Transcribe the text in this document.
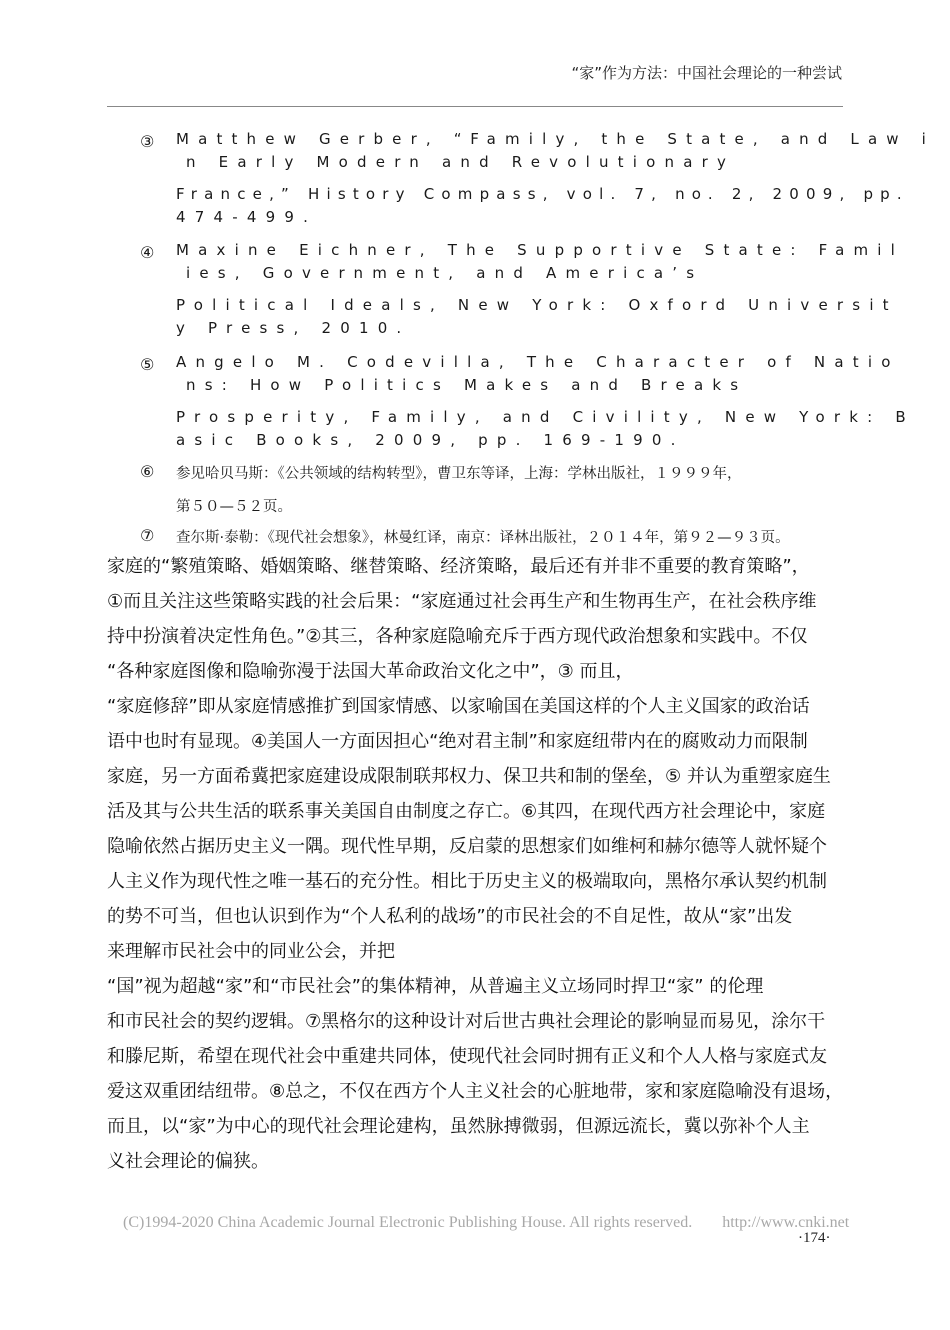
“家”作为方法：中国社会理论的一种尝试
③ Matthew Gerber, “Family, the State, and Law i
n Early Modern and Revolutionary
France,” History Compass, vol. 7, no. 2, 2009, pp.
474-499.
④ Maxine Eichner, The Supportive State: Famil
ies, Government, and America’s
Political Ideals, New York: Oxford Universit
y Press, 2010.
⑤ Angelo M. Codevilla, The Character of Natio
ns: How Politics Makes and Breaks
Prosperity, Family, and Civility, New York: B
asic Books, 2009, pp. 169-190.
⑥ 参见哈贝马斯：《公共领域的结构转型》，曹卫东等译，上海：学林出版社，１９９９年，
第５０—５２页。
⑦ 查尔斯·泰勒：《现代社会想象》，林曼红译，南京：译林出版社，２０１４年，第９２—９３页。
家庭的“繁殖策略、婚姻策略、继替策略、经济策略，最后还有并非不重要的教育策略”，
①而且关注这些策略实践的社会后果：“家庭通过社会再生产和生物再生产，在社会秩序维
持中扮演着决定性角色。”②其三，各种家庭隐喻充斥于西方现代政治想象和实践中。不仅
“各种家庭图像和隐喻弥漫于法国大革命政治文化之中”，③ 而且，
“家庭修辞”即从家庭情感推扩到国家情感、以家喻国在美国这样的个人主义国家的政治话
语中也时有显现。④美国人一方面因担心“绝对君主制”和家庭纽带内在的腐败动力而限制
家庭，另一方面希冀把家庭建设成限制联邦权力、保卫共和制的堡垒，⑤ 并认为重塑家庭生
活及其与公共生活的联系事关美国自由制度之存亡。⑥其四，在现代西方社会理论中，家庭
隐喻依然占据历史主义一隅。现代性早期，反启蒙的思想家们如维柯和赫尔德等人就怀疑个
人主义作为现代性之唯一基石的充分性。相比于历史主义的极端取向，黑格尔承认契约机制
的势不可当，但也认识到作为“个人私利的战场”的市民社会的不自足性，故从“家”出发
来理解市民社会中的同业公会，并把
“国”视为超越“家”和“市民社会”的集体精神，从普遍主义立场同时捍卫“家” 的伦理
和市民社会的契约逻辑。⑦黑格尔的这种设计对后世古典社会理论的影响显而易见，涂尔干
和滕尼斯，希望在现代社会中重建共同体，使现代社会同时拥有正义和个人人格与家庭式友
爱这双重团结纽带。⑧总之，不仅在西方个人主义社会的心脏地带，家和家庭隐喻没有退场，
而且，以“家”为中心的现代社会理论建构，虽然脉搏微弱，但源远流长，冀以弥补个人主
义社会理论的偏狭。
(C)1994-2020 China Academic Journal Electronic Publishing House. All rights reserved. http://www.cnki.net
·174·
